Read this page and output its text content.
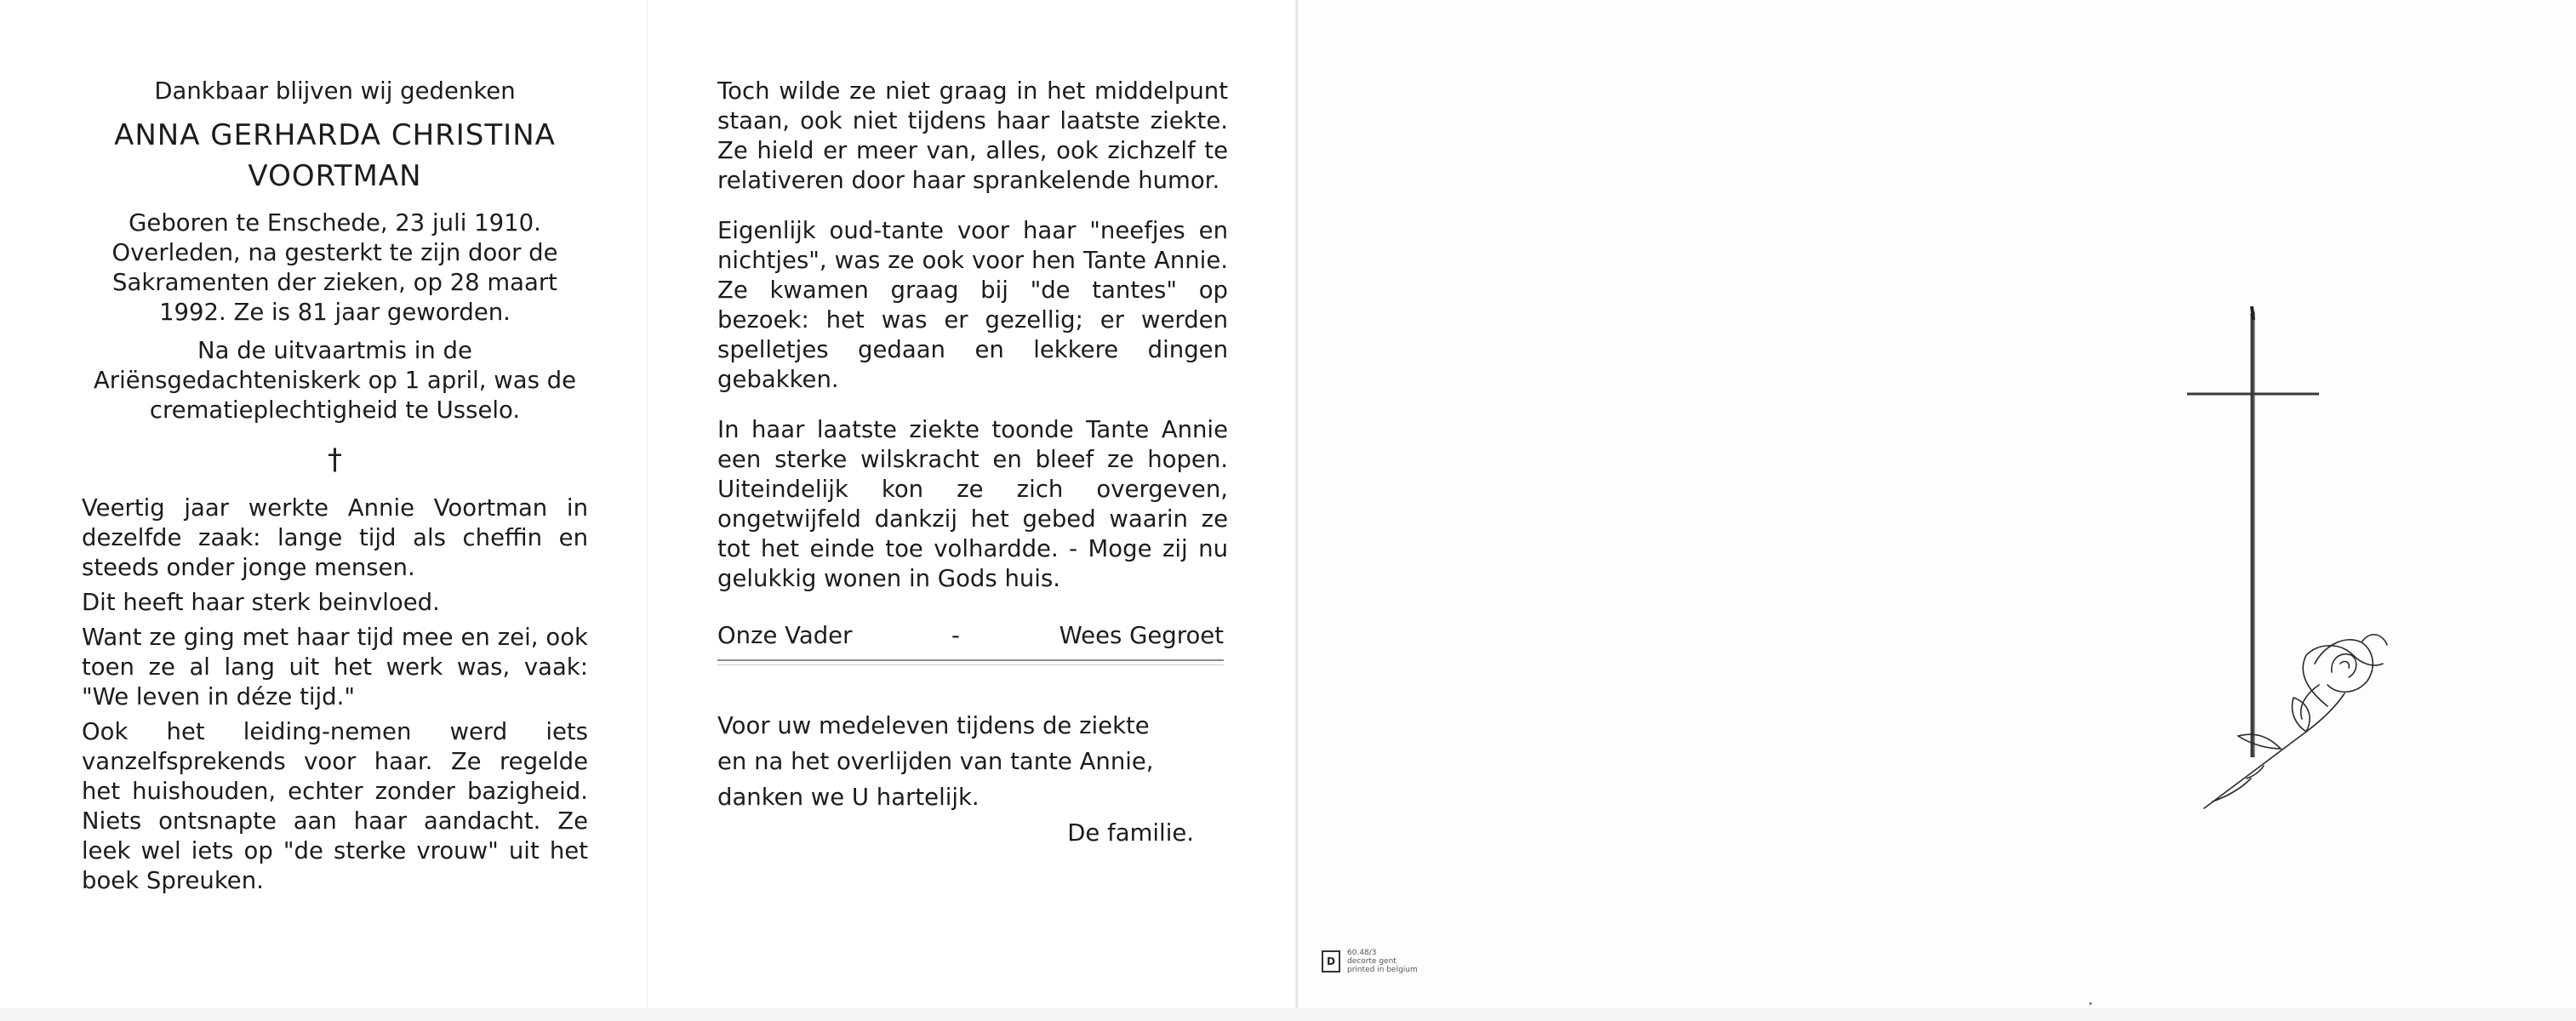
Dankbaar blijven wij gedenken

ANNA GERHARDA CHRISTINA
VOORTMAN

Geboren te Enschede, 23 juli 1910. Overleden, na gesterkt te zijn door de Sakramenten der zieken, op 28 maart 1992. Ze is 81 jaar geworden.

Na de uitvaartmis in de Ariënsgedachteniskerk op 1 april, was de crematieplechtigheid te Usselo.

†

Veertig jaar werkte Annie Voortman in dezelfde zaak: lange tijd als cheffin en steeds onder jonge mensen.

Dit heeft haar sterk beinvloed.

Want ze ging met haar tijd mee en zei, ook toen ze al lang uit het werk was, vaak: "We leven in déze tijd."

Ook het leiding-nemen werd iets vanzelfsprekends voor haar. Ze regelde het huishouden, echter zonder bazigheid. Niets ontsnapte aan haar aandacht. Ze leek wel iets op "de sterke vrouw" uit het boek Spreuken.

Toch wilde ze niet graag in het middelpunt staan, ook niet tijdens haar laatste ziekte. Ze hield er meer van, alles, ook zichzelf te relativeren door haar sprankelende humor.

Eigenlijk oud-tante voor haar "neefjes en nichtjes", was ze ook voor hen Tante Annie. Ze kwamen graag bij "de tantes" op bezoek: het was er gezellig; er werden spelletjes gedaan en lekkere dingen gebakken.

In haar laatste ziekte toonde Tante Annie een sterke wilskracht en bleef ze hopen. Uiteindelijk kon ze zich overgeven, ongetwijfeld dankzij het gebed waarin ze tot het einde toe volhardde. - Moge zij nu gelukkig wonen in Gods huis.

Onze Vader	-	Wees Gegroet
Voor uw medeleven tijdens de ziekte
en na het overlijden van tante Annie,
danken we U hartelijk.
De familie.
D
60.48/3
decorte gent
printed in belgium
